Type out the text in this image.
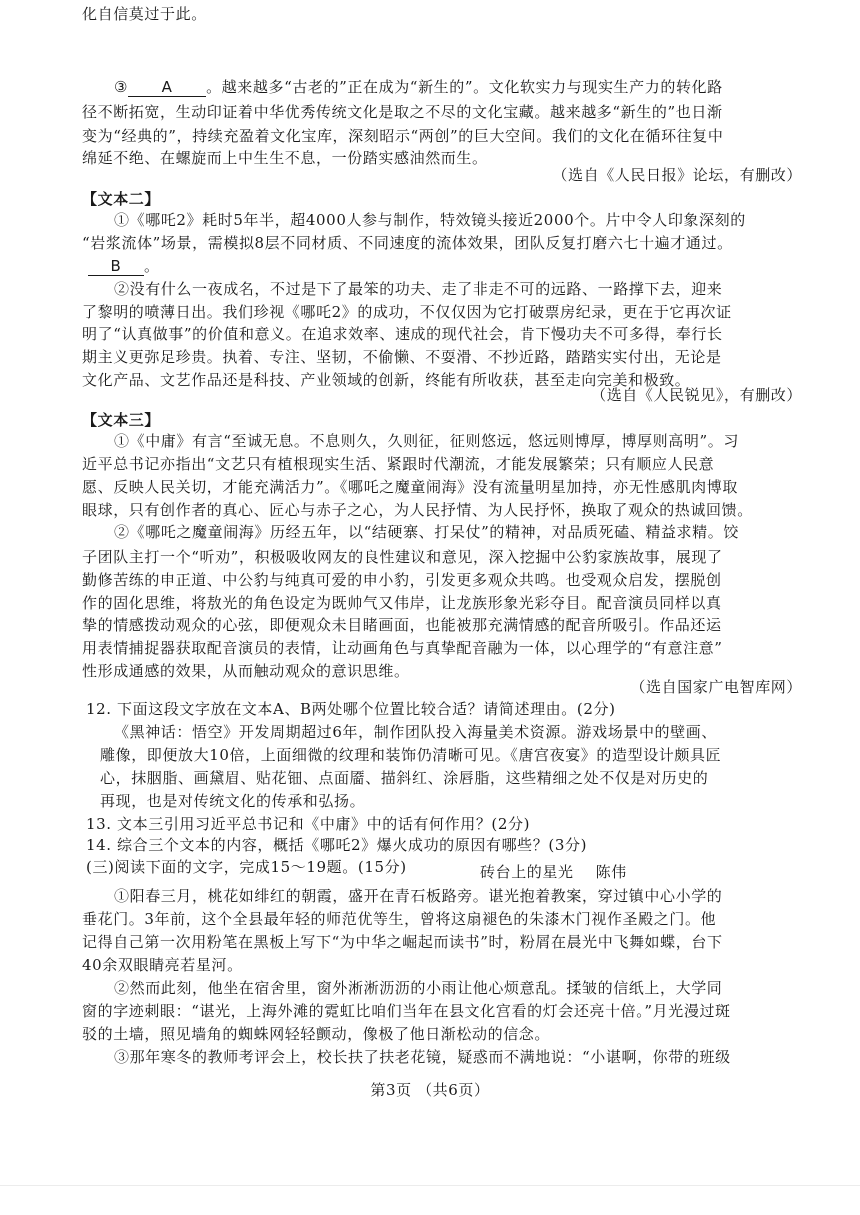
化自信莫过于此。
③ A 。越来越多“古老的”正在成为“新生的”。文化软实力与现实生产力的转化路
径不断拓宽，生动印证着中华优秀传统文化是取之不尽的文化宝藏。越来越多“新生的”也日渐
变为“经典的”，持续充盈着文化宝库，深刻昭示“两创”的巨大空间。我们的文化在循环往复中
绵延不绝、在螺旋而上中生生不息，一份踏实感油然而生。
（选自《人民日报》论坛，有删改）
【文本二】
①《哪吒2》耗时5年半，超4000人参与制作，特效镜头接近2000个。片中令人印象深刻的
“岩浆流体”场景，需模拟8层不同材质、不同速度的流体效果，团队反复打磨六七十遍才通过。
B 。
②没有什么一夜成名，不过是下了最笨的功夫、走了非走不可的远路、一路撑下去，迎来
了黎明的喷薄日出。我们珍视《哪吒2》的成功，不仅仅因为它打破票房纪录，更在于它再次证
明了“认真做事”的价值和意义。在追求效率、速成的现代社会，肯下慢功夫不可多得，奉行长
期主义更弥足珍贵。执着、专注、坚韧，不偷懒、不耍滑、不抄近路，踏踏实实付出，无论是
文化产品、文艺作品还是科技、产业领域的创新，终能有所收获，甚至走向完美和极致。
（选自《人民锐见》，有删改）
【文本三】
①《中庸》有言“至诚无息。不息则久，久则征，征则悠远，悠远则博厚，博厚则高明”。习
近平总书记亦指出“文艺只有植根现实生活、紧跟时代潮流，才能发展繁荣；只有顺应人民意
愿、反映人民关切，才能充满活力”。《哪吒之魔童闹海》没有流量明星加持，亦无性感肌肉博取
眼球，只有创作者的真心、匠心与赤子之心，为人民抒情、为人民抒怀，换取了观众的热诚回馈。
②《哪吒之魔童闹海》历经五年，以“结硬寨、打呆仗”的精神，对品质死磕、精益求精。饺
子团队主打一个“听劝”，积极吸收网友的良性建议和意见，深入挖掘中公豹家族故事，展现了
勤修苦练的申正道、中公豹与纯真可爱的申小豹，引发更多观众共鸣。也受观众启发，摆脱创
作的固化思维，将敖光的角色设定为既帅气又伟岸，让龙族形象光彩夺目。配音演员同样以真
挚的情感拨动观众的心弦，即便观众未目睹画面，也能被那充满情感的配音所吸引。作品还运
用表情捕捉器获取配音演员的表情，让动画角色与真挚配音融为一体，以心理学的“有意注意”
性形成通感的效果，从而触动观众的意识思维。
（选自国家广电智库网）
12. 下面这段文字放在文本A、B两处哪个位置比较合适？请简述理由。(2分)
《黑神话：悟空》开发周期超过6年，制作团队投入海量美术资源。游戏场景中的壁画、
雕像，即便放大10倍，上面细微的纹理和装饰仍清晰可见。《唐宫夜宴》的造型设计颇具匠
心，抹胭脂、画黛眉、贴花钿、点面靥、描斜红、涂唇脂，这些精细之处不仅是对历史的
再现，也是对传统文化的传承和弘扬。
13. 文本三引用习近平总书记和《中庸》中的话有何作用？(2分)
14. 综合三个文本的内容，概括《哪吒2》爆火成功的原因有哪些？(3分)
(三)阅读下面的文字，完成15～19题。(15分)
①阳春三月，桃花如绯红的朝霞，盛开在青石板路旁。谌光抱着教案，穿过镇中心小学的
垂花门。3年前，这个全县最年轻的师范优等生，曾将这扇褪色的朱漆木门视作圣殿之门。他
记得自己第一次用粉笔在黑板上写下“为中华之崛起而读书”时，粉屑在晨光中飞舞如蝶，台下
40余双眼睛亮若星河。
②然而此刻，他坐在宿舍里，窗外淅淅沥沥的小雨让他心烦意乱。揉皱的信纸上，大学同
窗的字迹刺眼：“谌光，上海外滩的霓虹比咱们当年在县文化宫看的灯会还亮十倍。”月光漫过斑
驳的土墙，照见墙角的蜘蛛网轻轻颤动，像极了他日渐松动的信念。
③那年寒冬的教师考评会上，校长扶了扶老花镜，疑惑而不满地说：“小谌啊，你带的班级
砖台上的星光 陈伟
第3页 （共6页）
